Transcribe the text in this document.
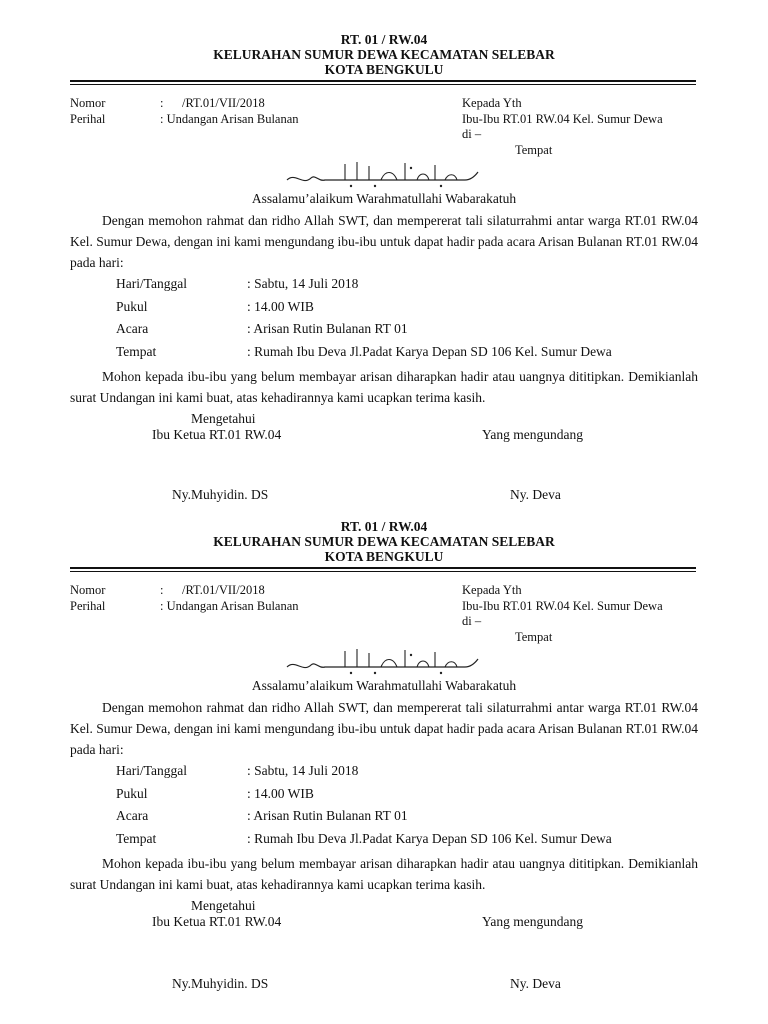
RT. 01 / RW.04
KELURAHAN SUMUR DEWA KECAMATAN SELEBAR
KOTA BENGKULU
Nomor	: /RT.01/VII/2018
Perihal	: Undangan Arisan Bulanan
Kepada Yth
Ibu-Ibu RT.01 RW.04 Kel. Sumur Dewa
di –
Tempat
Assalamu’alaikum Warahmatullahi Wabarakatuh
Dengan memohon rahmat dan ridho Allah SWT, dan mempererat tali silaturrahmi antar warga RT.01 RW.04 Kel. Sumur Dewa, dengan ini kami mengundang ibu-ibu untuk dapat hadir pada acara Arisan Bulanan RT.01 RW.04 pada hari:
Hari/Tanggal	: Sabtu, 14 Juli 2018
Pukul	: 14.00 WIB
Acara	: Arisan Rutin Bulanan RT 01
Tempat	: Rumah Ibu Deva Jl.Padat Karya Depan SD 106 Kel. Sumur Dewa
Mohon kepada ibu-ibu yang belum membayar arisan diharapkan hadir atau uangnya dititipkan. Demikianlah surat Undangan ini kami buat, atas kehadirannya kami ucapkan terima kasih.
Mengetahui
Ibu Ketua RT.01 RW.04	Yang mengundang
Ny.Muhyidin. DS	Ny. Deva
RT. 01 / RW.04
KELURAHAN SUMUR DEWA KECAMATAN SELEBAR
KOTA BENGKULU
Nomor	: /RT.01/VII/2018
Perihal	: Undangan Arisan Bulanan
Kepada Yth
Ibu-Ibu RT.01 RW.04 Kel. Sumur Dewa
di –
Tempat
Assalamu’alaikum Warahmatullahi Wabarakatuh
Dengan memohon rahmat dan ridho Allah SWT, dan mempererat tali silaturrahmi antar warga RT.01 RW.04 Kel. Sumur Dewa, dengan ini kami mengundang ibu-ibu untuk dapat hadir pada acara Arisan Bulanan RT.01 RW.04 pada hari:
Hari/Tanggal	: Sabtu, 14 Juli 2018
Pukul	: 14.00 WIB
Acara	: Arisan Rutin Bulanan RT 01
Tempat	: Rumah Ibu Deva Jl.Padat Karya Depan SD 106 Kel. Sumur Dewa
Mohon kepada ibu-ibu yang belum membayar arisan diharapkan hadir atau uangnya dititipkan. Demikianlah surat Undangan ini kami buat, atas kehadirannya kami ucapkan terima kasih.
Mengetahui
Ibu Ketua RT.01 RW.04	Yang mengundang
Ny.Muhyidin. DS	Ny. Deva
